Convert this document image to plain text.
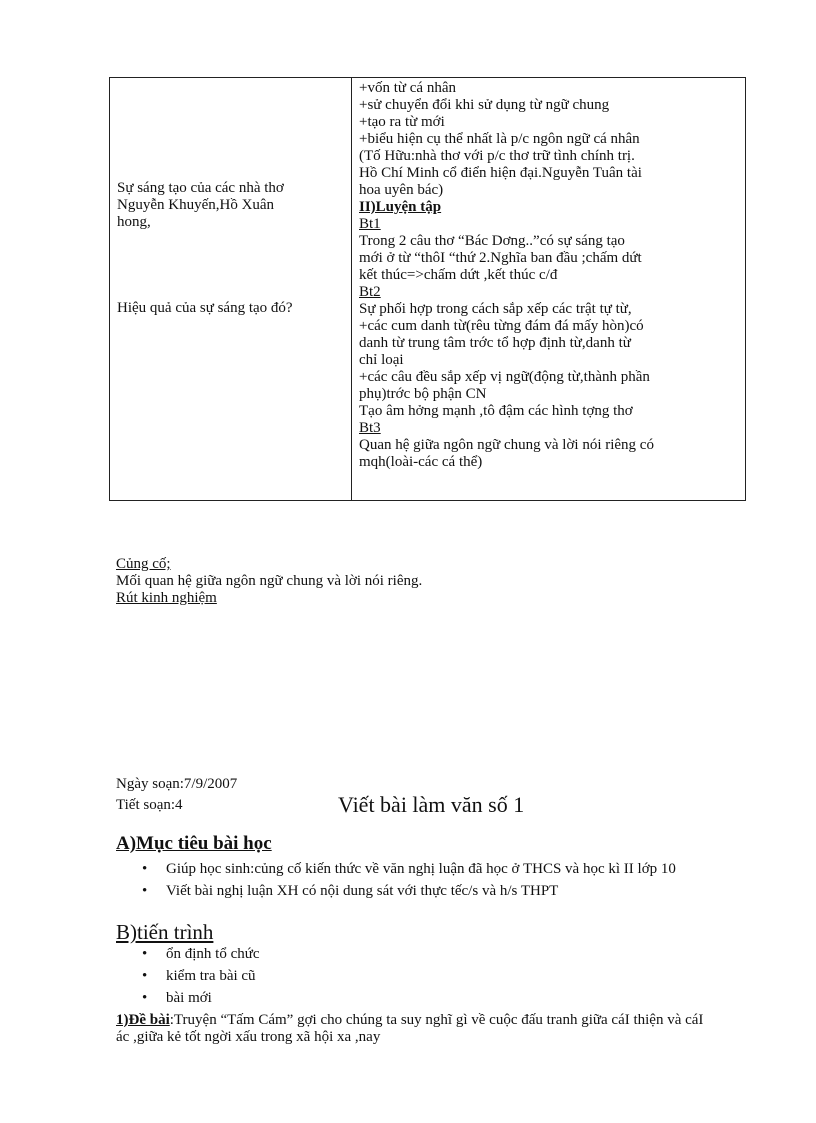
Sự sáng tạo của các nhà thơ
Nguyễn Khuyến,Hồ Xuân
hong,
Hiệu quả của sự sáng tạo đó?
+vốn từ cá nhân
+sử chuyển đổi khi sử dụng từ ngữ chung
+tạo ra từ mới
+biểu hiện cụ thể nhất là p/c ngôn ngữ cá nhân
(Tố Hữu:nhà thơ với p/c thơ trữ tình chính trị.
Hồ Chí Minh cổ điển hiện đại.Nguyễn Tuân tài
hoa uyên bác)
II)Luyện tập
Bt1
Trong 2 câu thơ “Bác Dơng..”có sự sáng tạo
mới ở từ “thôI “thứ 2.Nghĩa ban đầu ;chấm dứt
kết thúc=>chấm dứt ,kết thúc c/đ
Bt2
Sự phối hợp trong cách sắp xếp các trật tự từ,
+các cum danh từ(rêu từng đám đá mấy hòn)có
danh từ trung tâm trớc tổ hợp định từ,danh từ
chỉ loại
+các câu đều sắp xếp vị ngữ(động từ,thành phần
phụ)trớc bộ phận CN
Tạo âm hởng mạnh ,tô đậm các hình tợng thơ
Bt3
Quan hệ giữa ngôn ngữ chung và lời nói riêng có
mqh(loài-các cá thể)
Củng cố;
Mối quan hệ giữa ngôn ngữ chung và lời nói riêng.
Rút kinh nghiệm
Ngày soạn:7/9/2007
Tiết soạn:4	Viết bài làm văn số 1
A)Mục tiêu bài học
• Giúp học sinh:củng cố kiến thức về văn nghị luận đã học ở THCS và học kì II lớp 10
• Viết bài nghị luận XH có nội dung sát với thực tếc/s và h/s THPT
B)tiến trình
• ổn định tổ chức
• kiểm tra bài cũ
• bài mới
1)Đề bài:Truyện “Tấm Cám” gợi cho chúng ta suy nghĩ gì về cuộc đấu tranh giữa cáI thiện và cáI ác ,giữa kẻ tốt ngời xấu trong xã hội xa ,nay
